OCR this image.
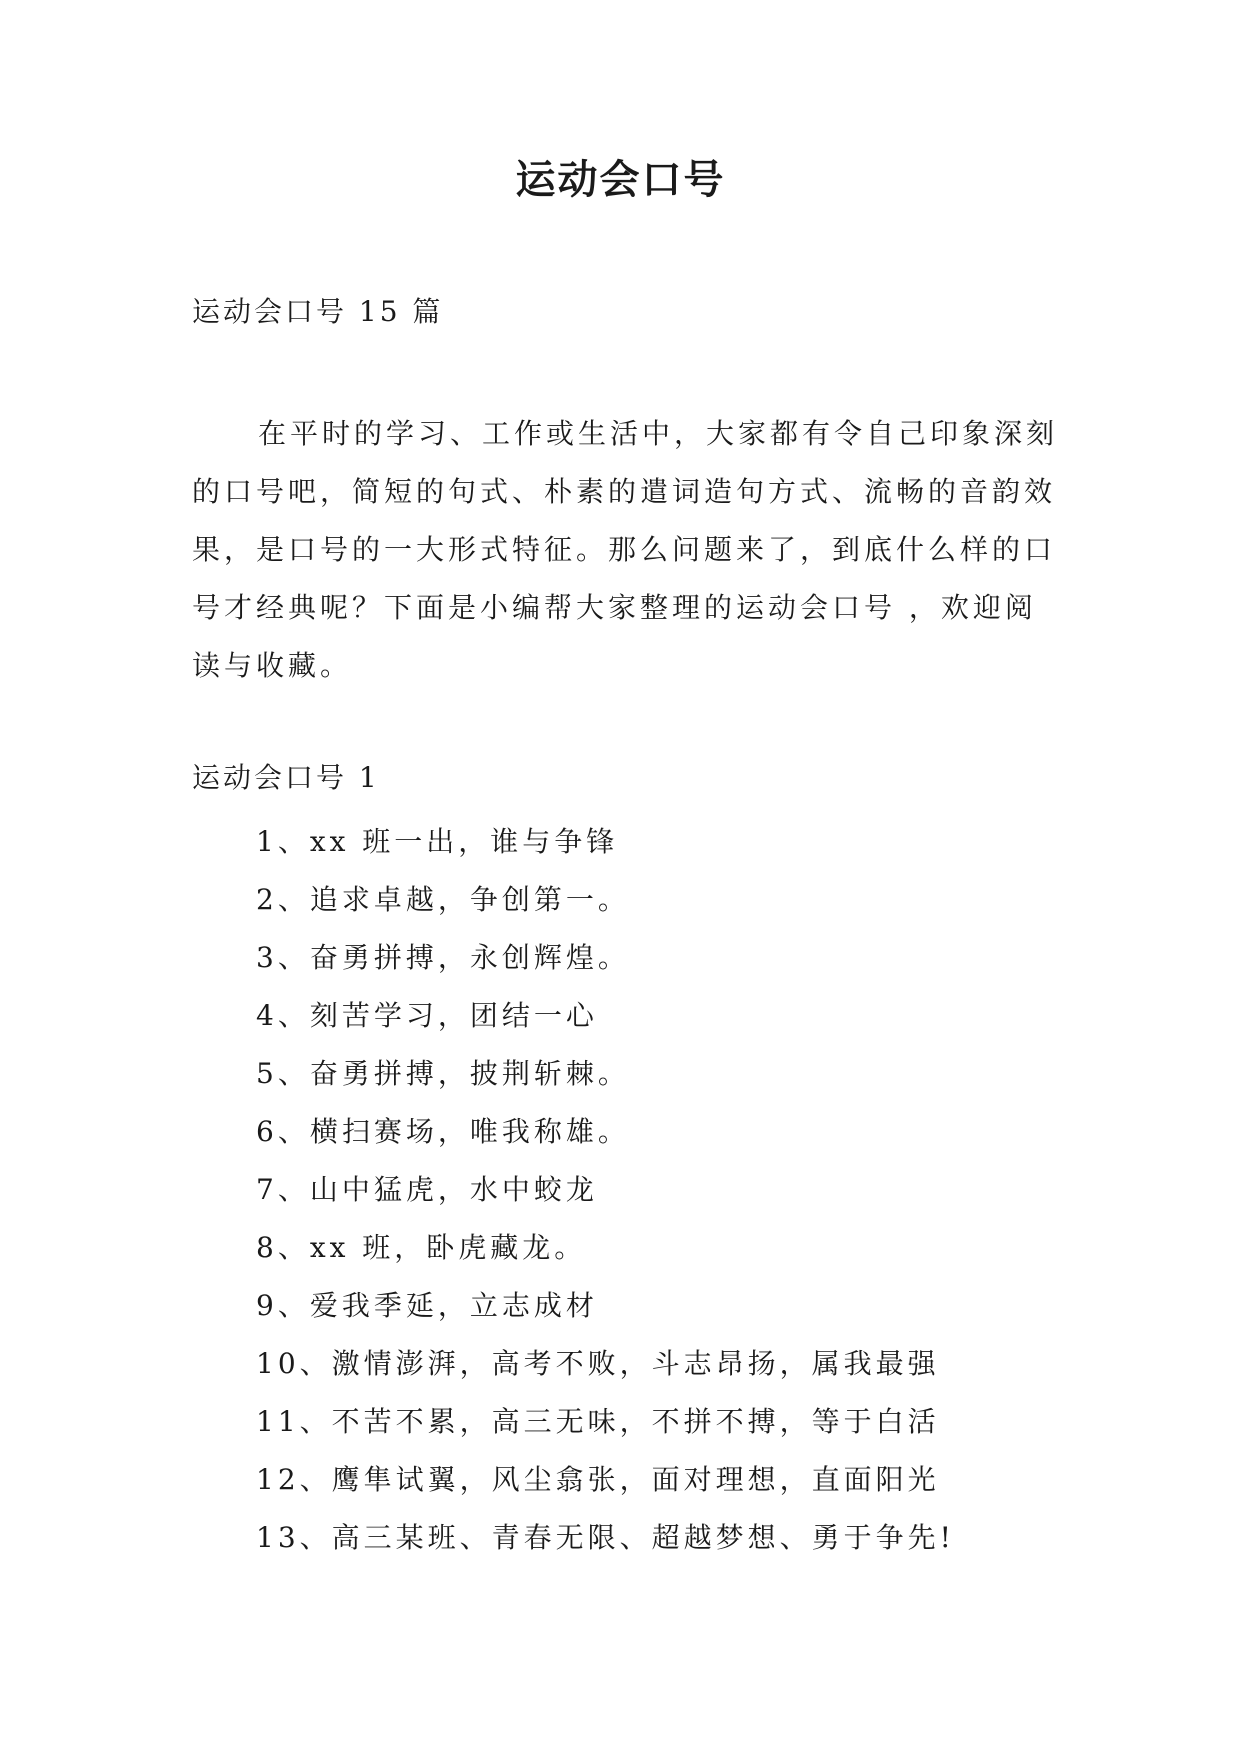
运动会口号

运动会口号 15 篇

在平时的学习、工作或生活中，大家都有令自己印象深刻的口号吧，简短的句式、朴素的遣词造句方式、流畅的音韵效果，是口号的一大形式特征。那么问题来了，到底什么样的口号才经典呢？下面是小编帮大家整理的运动会口号 ，欢迎阅读与收藏。

运动会口号 1

1、xx 班一出，谁与争锋
2、追求卓越，争创第一。
3、奋勇拼搏，永创辉煌。
4、刻苦学习，团结一心
5、奋勇拼搏，披荆斩棘。
6、横扫赛场，唯我称雄。
7、山中猛虎，水中蛟龙
8、xx 班，卧虎藏龙。
9、爱我季延，立志成材
10、激情澎湃，高考不败，斗志昂扬，属我最强
11、不苦不累，高三无味，不拼不搏，等于白活
12、鹰隼试翼，风尘翕张，面对理想，直面阳光
13、高三某班、青春无限、超越梦想、勇于争先!
